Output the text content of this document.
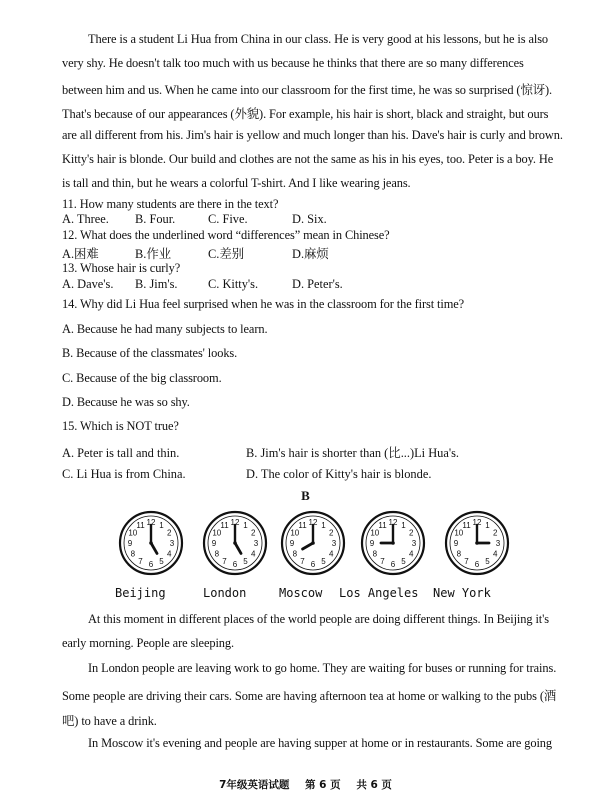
There is a student Li Hua from China in our class. He is very good at his lessons, but he is also
very shy. He doesn't talk too much with us because he thinks that there are so many differences
between him and us. When he came into our classroom for the first time, he was so surprised (惊讶).
That's because of our appearances (外貌). For example, his hair is short, black and straight, but ours
are all different from his. Jim's hair is yellow and much longer than his. Dave's hair is curly and brown.
Kitty's hair is blonde. Our build and clothes are not the same as his in his eyes, too. Peter is a boy. He
is tall and thin, but he wears a colorful T-shirt. And I like wearing jeans.
11. How many students are there in the text?
A. Three. B. Four.	C. Five.	D. Six.
12. What does the underlined word “differences” mean in Chinese?
A.困难	B.作业	C.差别	D.麻烦
13. Whose hair is curly?
A. Dave's. B. Jim's. C. Kitty's.	D. Peter's.
14. Why did Li Hua feel surprised when he was in the classroom for the first time?
A. Because he had many subjects to learn.
B. Because of the classmates' looks.
C. Because of the big classroom.
D. Because he was so shy.
15. Which is NOT true?
A. Peter is tall and thin.	B. Jim's hair is shorter than (比...)Li Hua's.
C. Li Hua is from China.	D. The color of Kitty's hair is blonde.
B
1
2
3
4
5
6
7
8
9
10
11 12	1
2
3
4
5
6
7
8
9
10
11 12	1
2
3
4
5
6
7
8
9
10
11 12	1
2
3
4
5
6
7
8
9
10
11 12	1
2
3
4
5
6
7
8
9
10
11 12
Beijing	London	Moscow Los Angeles New York
At this moment in different places of the world people are doing different things. In Beijing it's
early morning. People are sleeping.
In London people are leaving work to go home. They are waiting for buses or running for trains.
Some people are driving their cars. Some are having afternoon tea at home or walking to the pubs (酒
吧) to have a drink.
In Moscow it's evening and people are having supper at home or in restaurants. Some are going
7年级英语试题 第 6 页 共 6 页
